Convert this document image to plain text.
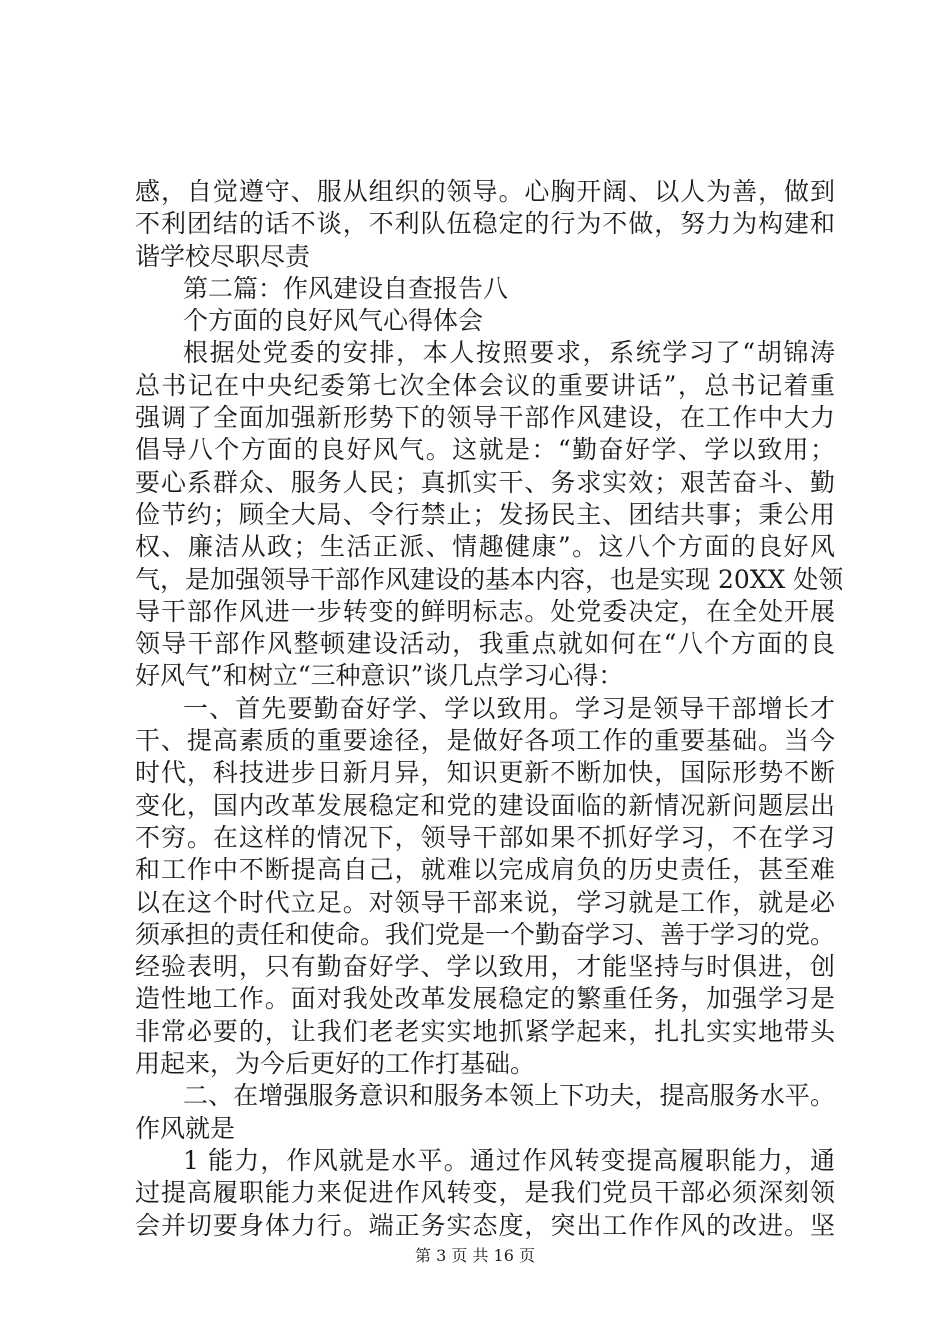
感，自觉遵守、服从组织的领导。心胸开阔、以人为善，做到
不利团结的话不谈，不利队伍稳定的行为不做，努力为构建和
谐学校尽职尽责
第二篇：作风建设自查报告八
个方面的良好风气心得体会
根据处党委的安排，本人按照要求，系统学习了“胡锦涛
总书记在中央纪委第七次全体会议的重要讲话”，总书记着重
强调了全面加强新形势下的领导干部作风建设，在工作中大力
倡导八个方面的良好风气。这就是：“勤奋好学、学以致用；
要心系群众、服务人民；真抓实干、务求实效；艰苦奋斗、勤
俭节约；顾全大局、令行禁止；发扬民主、团结共事；秉公用
权、廉洁从政；生活正派、情趣健康”。这八个方面的良好风
气，是加强领导干部作风建设的基本内容，也是实现 20XX 处领
导干部作风进一步转变的鲜明标志。处党委决定，在全处开展
领导干部作风整顿建设活动，我重点就如何在“八个方面的良
好风气”和树立“三种意识”谈几点学习心得：
一、首先要勤奋好学、学以致用。学习是领导干部增长才
干、提高素质的重要途径，是做好各项工作的重要基础。当今
时代，科技进步日新月异，知识更新不断加快，国际形势不断
变化，国内改革发展稳定和党的建设面临的新情况新问题层出
不穷。在这样的情况下，领导干部如果不抓好学习，不在学习
和工作中不断提高自己，就难以完成肩负的历史责任，甚至难
以在这个时代立足。对领导干部来说，学习就是工作，就是必
须承担的责任和使命。我们党是一个勤奋学习、善于学习的党。
经验表明，只有勤奋好学、学以致用，才能坚持与时俱进，创
造性地工作。面对我处改革发展稳定的繁重任务，加强学习是
非常必要的，让我们老老实实地抓紧学起来，扎扎实实地带头
用起来，为今后更好的工作打基础。
二、在增强服务意识和服务本领上下功夫，提高服务水平。
作风就是
1 能力，作风就是水平。通过作风转变提高履职能力，通
过提高履职能力来促进作风转变，是我们党员干部必须深刻领
会并切要身体力行。端正务实态度，突出工作作风的改进。坚
第 3 页 共 16 页
